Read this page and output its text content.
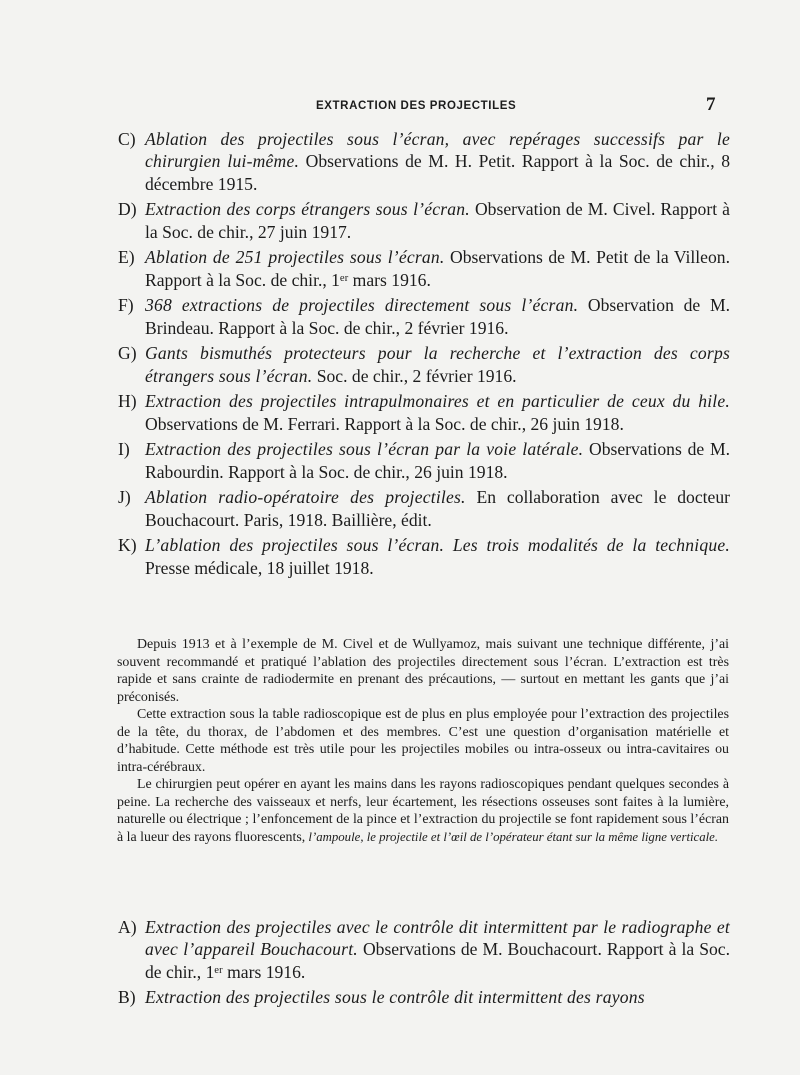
EXTRACTION DES PROJECTILES	7
C) Ablation des projectiles sous l’écran, avec repérages successifs par le chirurgien lui-même. Observations de M. H. Petit. Rapport à la Soc. de chir., 8 décembre 1915.
D) Extraction des corps étrangers sous l’écran. Observation de M. Civel. Rapport à la Soc. de chir., 27 juin 1917.
E) Ablation de 251 projectiles sous l’écran. Observations de M. Petit de la Villeon. Rapport à la Soc. de chir., 1ᵉʳ mars 1916.
F) 368 extractions de projectiles directement sous l’écran. Observation de M. Brindeau. Rapport à la Soc. de chir., 2 février 1916.
G) Gants bismuthés protecteurs pour la recherche et l’extraction des corps étrangers sous l’écran. Soc. de chir., 2 février 1916.
H) Extraction des projectiles intrapulmonaires et en particulier de ceux du hile. Observations de M. Ferrari. Rapport à la Soc. de chir., 26 juin 1918.
I) Extraction des projectiles sous l’écran par la voie latérale. Observations de M. Rabourdin. Rapport à la Soc. de chir., 26 juin 1918.
J) Ablation radio-opératoire des projectiles. En collaboration avec le docteur Bouchacourt. Paris, 1918. Baillière, édit.
K) L’ablation des projectiles sous l’écran. Les trois modalités de la technique. Presse médicale, 18 juillet 1918.

Depuis 1913 et à l’exemple de M. Civel et de Wullyamoz, mais suivant une technique différente, j’ai souvent recommandé et pratiqué l’ablation des projectiles directement sous l’écran. L’extraction est très rapide et sans crainte de radiodermite en prenant des précautions, — surtout en mettant les gants que j’ai préconisés.

Cette extraction sous la table radioscopique est de plus en plus employée pour l’extraction des projectiles de la tête, du thorax, de l’abdomen et des membres. C’est une question d’organisation matérielle et d’habitude. Cette méthode est très utile pour les projectiles mobiles ou intra-osseux ou intra-cavitaires ou intra-cérébraux.

Le chirurgien peut opérer en ayant les mains dans les rayons radioscopiques pendant quelques secondes à peine. La recherche des vaisseaux et nerfs, leur écartement, les résections osseuses sont faites à la lumière, naturelle ou électrique ; l’enfoncement de la pince et l’extraction du projectile se font rapidement sous l’écran à la lueur des rayons fluorescents, l’ampoule, le projectile et l’œil de l’opérateur étant sur la même ligne verticale.

A) Extraction des projectiles avec le contrôle dit intermittent par le radiographe et avec l’appareil Bouchacourt. Observations de M. Bouchacourt. Rapport à la Soc. de chir., 1ᵉʳ mars 1916.
B) Extraction des projectiles sous le contrôle dit intermittent des rayons
